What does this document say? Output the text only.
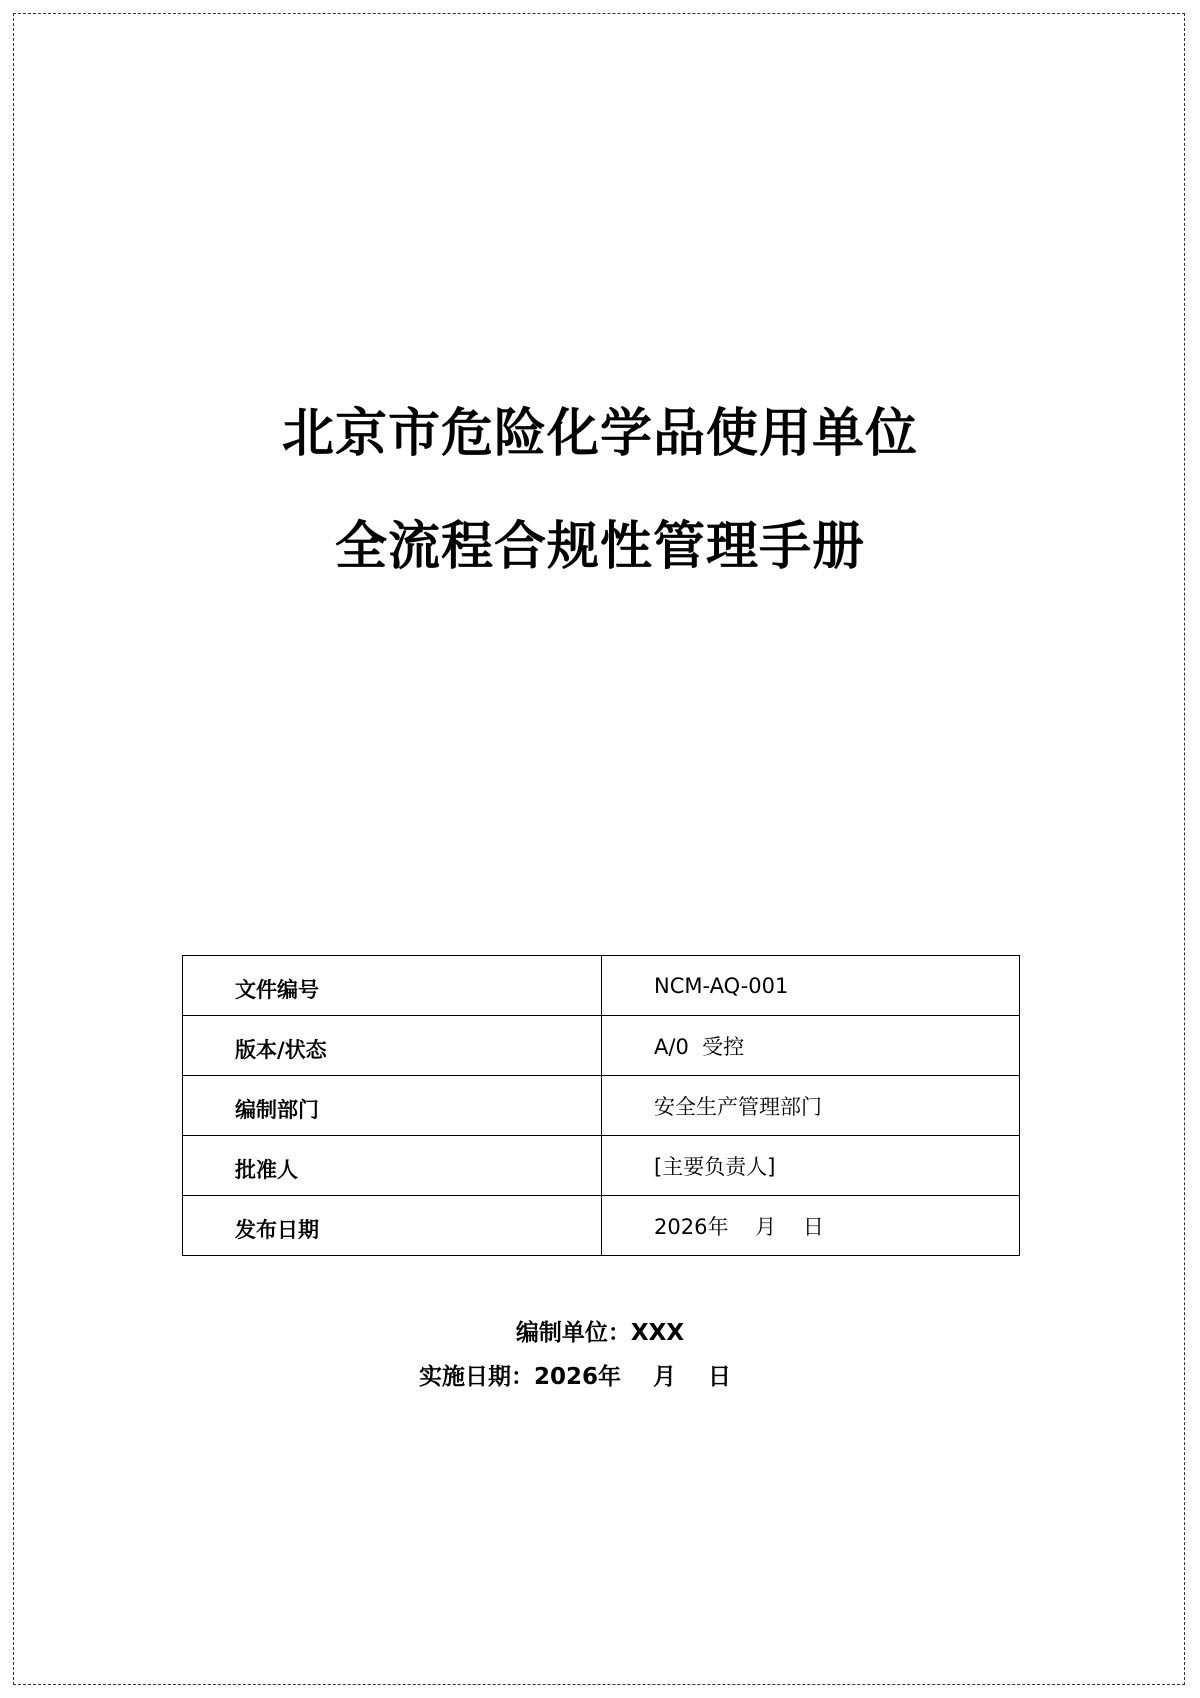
北京市危险化学品使用单位
全流程合规性管理手册
文件编号	NCM-AQ-001
版本/状态	A/0  受控
编制部门	安全生产管理部门
批准人	[主要负责人]
发布日期	2026年    月    日
编制单位：XXX
实施日期：2026年    月    日
